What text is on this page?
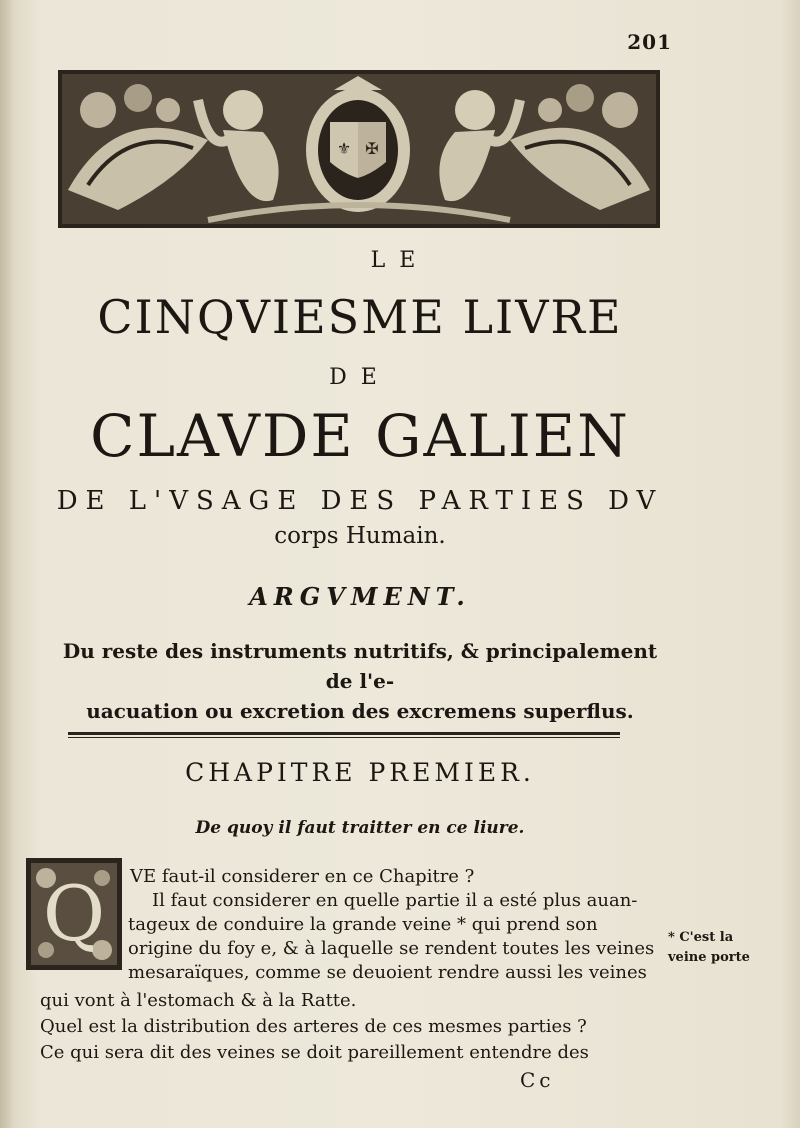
201
⚜ ✠
LE
CINQVIESME LIVRE
DE
CLAVDE GALIEN
DE L'VSAGE DES PARTIES DV
corps Humain.
ARGVMENT.
Du reste des instruments nutritifs, & principalement de l'e-
uacuation ou excretion des excremens superflus.
CHAPITRE PREMIER.
De quoy il faut traitter en ce liure.
Q VE faut-il considerer en ce Chapitre ?
Il faut considerer en quelle partie il a esté plus auan-
tageux de conduire la grande veine * qui prend son
origine du foy e, & à laquelle se rendent toutes les veines
mesaraïques, comme se deuoient rendre aussi les veines
qui vont à l'estomach & à la Ratte.
Quel est la distribution des arteres de ces mesmes parties ?
Ce qui sera dit des veines se doit pareillement entendre des
* C'est la
veine porte
Cc
